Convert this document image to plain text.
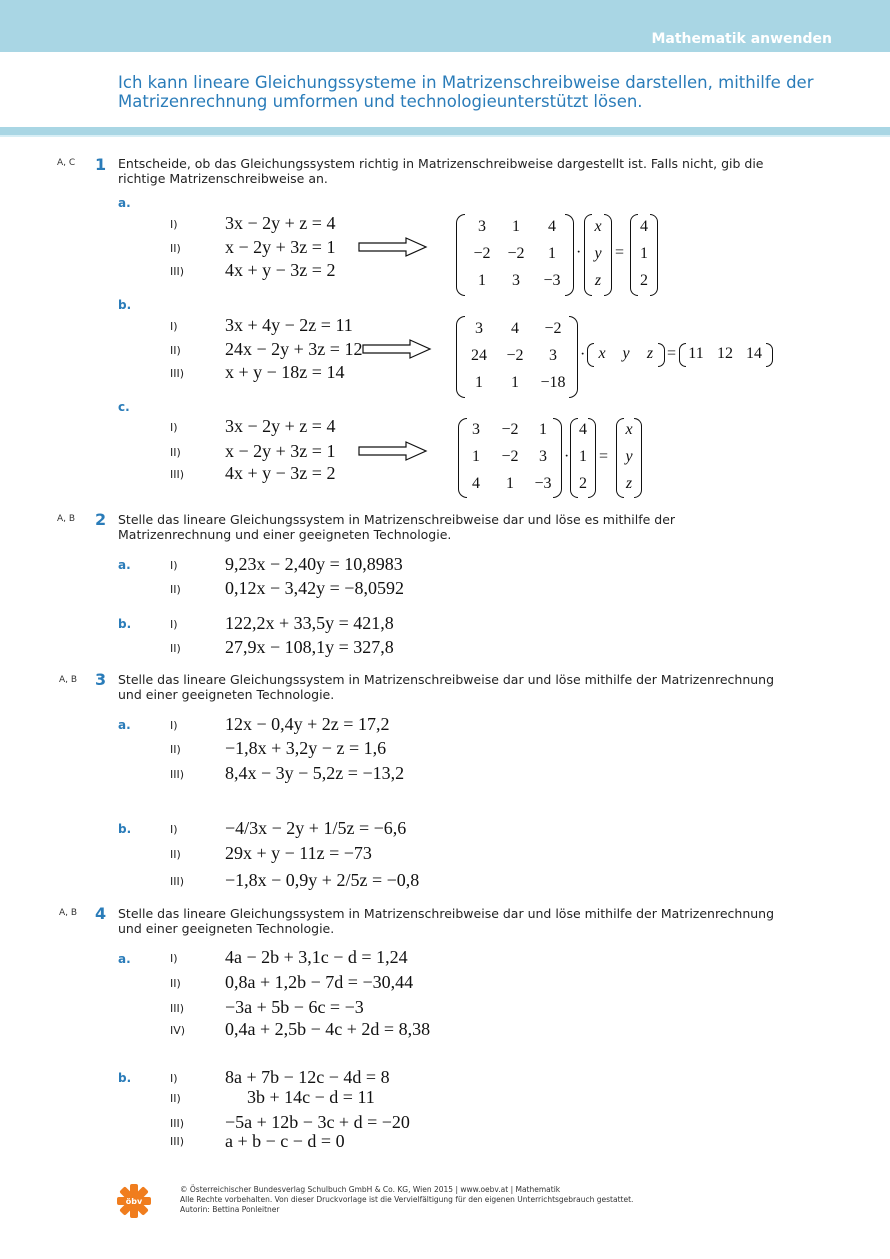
Mathematik anwenden
Ich kann lineare Gleichungssysteme in Matrizenschreibweise darstellen, mithilfe der
Matrizenrechnung umformen und technologieunterstützt lösen.
A, C 1 Entscheide, ob das Gleichungssystem richtig in Matrizenschreibweise dargestellt ist. Falls nicht, gib die
richtige Matrizenschreibweise an.
a.
I)
II)
III)
3x − 2y + z = 4
x − 2y + 3z = 1
4x + y − 3z = 2
3	1	4
−2	−2	1
1	3	−3
·
x
y
z
=
4
1
2
b.
I)
II)
III)
3x + 4y − 2z = 11
24x − 2y + 3z = 12
x + y − 18z = 14
3	4	−2
24	−2	3
1	1	−18
· x	y	z = 11 12 14
c.
I)
II)
III)
3x − 2y + z = 4
x − 2y + 3z = 1
4x + y − 3z = 2
3	−2	1
1	−2	3
4	1	−3
·
4
1
2
=
x
y
z
A, B 2 Stelle das lineare Gleichungssystem in Matrizenschreibweise dar und löse es mithilfe der
Matrizenrechnung und einer geeigneten Technologie.
a.	I)
II)
9,23x − 2,40y = 10,8983
0,12x − 3,42y = −8,0592
b.	I)
II)
122,2x + 33,5y = 421,8
27,9x − 108,1y = 327,8
A, B 3 Stelle das lineare Gleichungssystem in Matrizenschreibweise dar und löse mithilfe der Matrizenrechnung
und einer geeigneten Technologie.
a.	I)
II)
III)
12x − 0,4y + 2z = 17,2
−1,8x + 3,2y − z = 1,6
8,4x − 3y − 5,2z = −13,2
b.	I)
II)
III)
−4/3x − 2y + 1/5z = −6,6
29x + y − 11z = −73
−1,8x − 0,9y + 2/5z = −0,8
A, B 4 Stelle das lineare Gleichungssystem in Matrizenschreibweise dar und löse mithilfe der Matrizenrechnung
und einer geeigneten Technologie.
a.	I)
II)
III)
IV)
4a − 2b + 3,1c − d = 1,24
0,8a + 1,2b − 7d = −30,44
−3a + 5b − 6c = −3
0,4a + 2,5b − 4c + 2d = 8,38
b.	I)
II)
III)
III)
8a + 7b − 12c − 4d = 8
3b + 14c − d = 11
−5a + 12b − 3c + d = −20
a + b − c − d = 0
öbv
© Österreichischer Bundesverlag Schulbuch GmbH & Co. KG, Wien 2015 | www.oebv.at | Mathematik
Alle Rechte vorbehalten. Von dieser Druckvorlage ist die Vervielfältigung für den eigenen Unterrichtsgebrauch gestattet.
Autorin: Bettina Ponleitner
